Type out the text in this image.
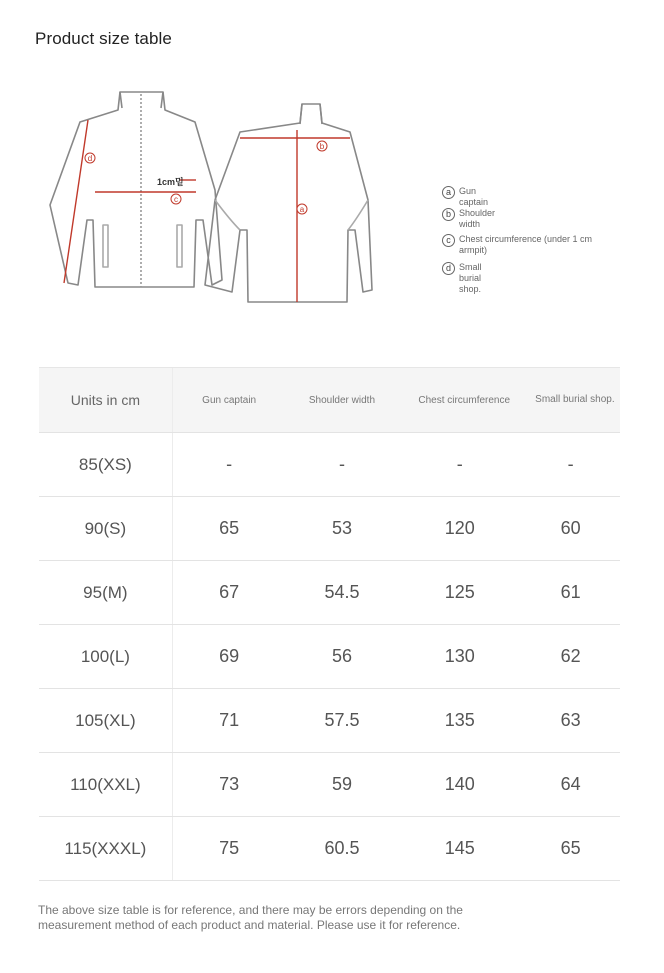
Product size table
d
c
b
a
1cm밑
a Gun captain
b Shoulder width
c Chest circumference (under 1 cm armpit)
d Small burial shop.
Units in cm	Gun captain	Shoulder width	Chest circumference	Small burial shop.
85(XS)	-	-	-	-
90(S)	65	53	120	60
95(M)	67	54.5	125	61
100(L)	69	56	130	62
105(XL)	71	57.5	135	63
110(XXL)	73	59	140	64
115(XXXL)	75	60.5	145	65
The above size table is for reference, and there may be errors depending on the measurement method of each product and material. Please use it for reference.
